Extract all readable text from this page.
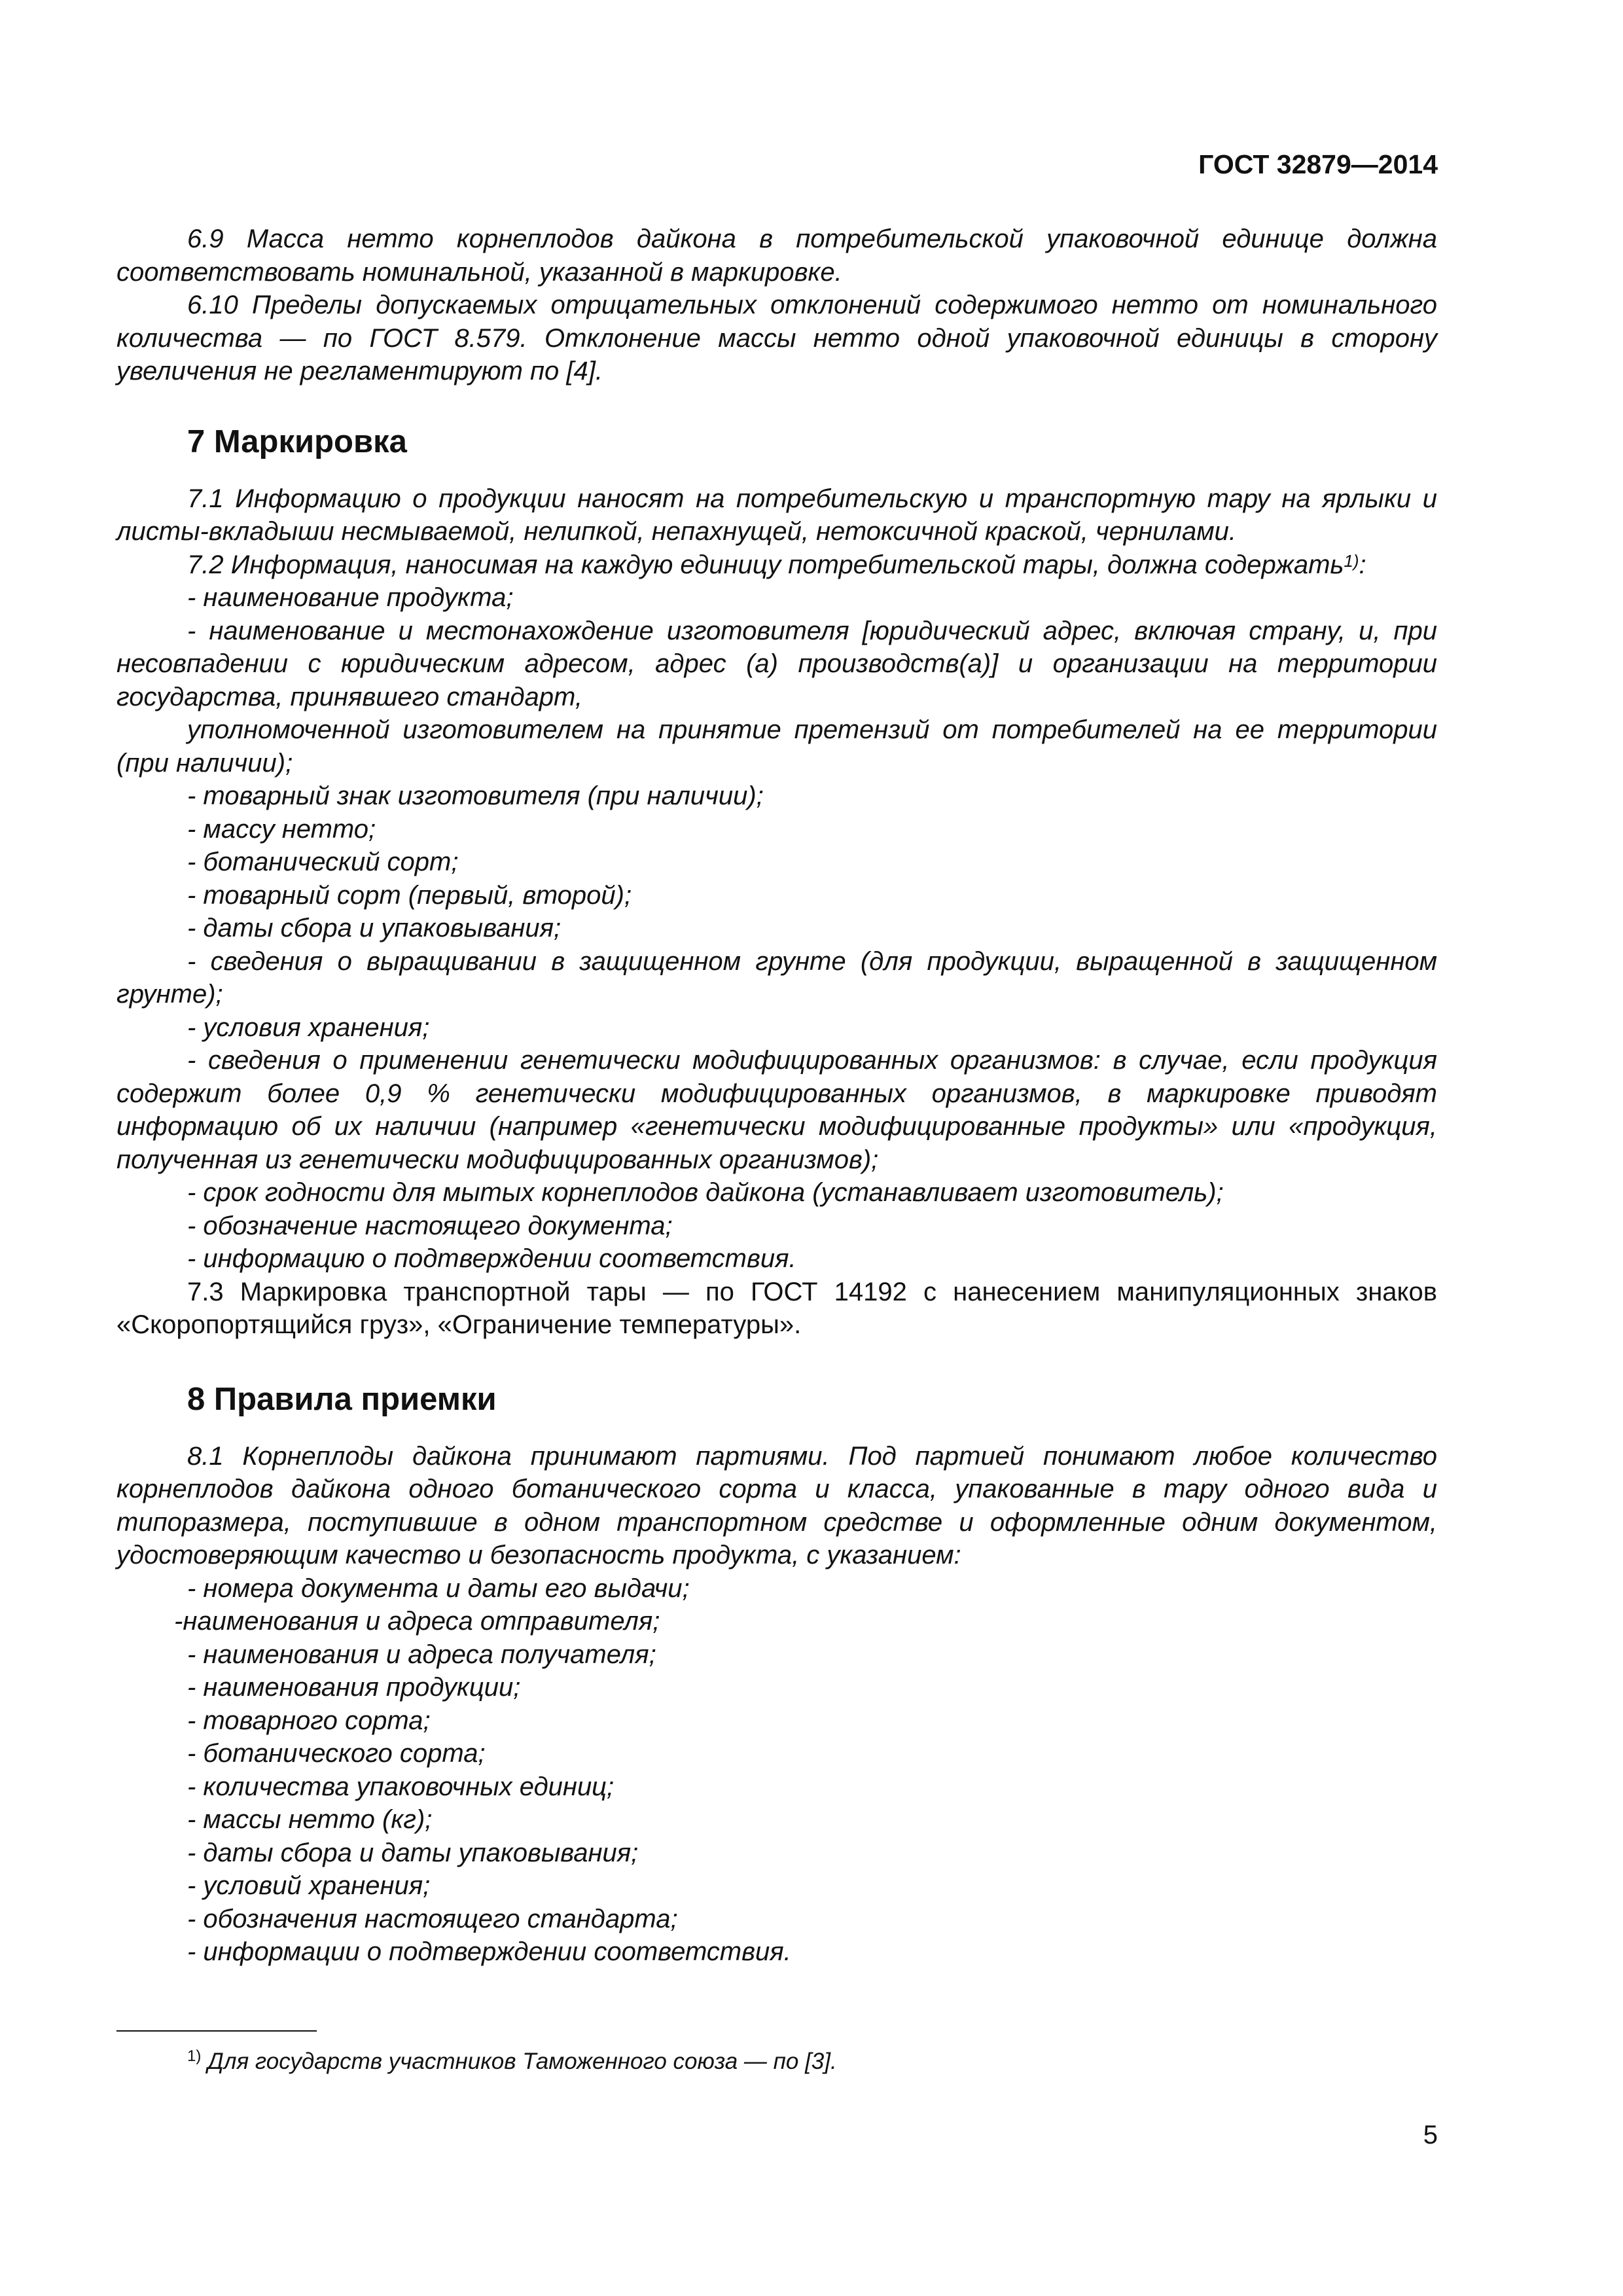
ГОСТ 32879—2014

6.9 Масса нетто корнеплодов дайкона в потребительской упаковочной единице должна соответствовать номинальной, указанной в маркировке.

6.10 Пределы допускаемых отрицательных отклонений содержимого нетто от номинального количества — по ГОСТ 8.579. Отклонение массы нетто одной упаковочной единицы в сторону увеличения не регламентируют по [4].

7 Маркировка

7.1 Информацию о продукции наносят на потребительскую и транспортную тару на ярлыки и листы-вкладыши несмываемой, нелипкой, непахнущей, нетоксичной краской, чернилами.

7.2 Информация, наносимая на каждую единицу потребительской тары, должна содержать$^{1)}$:

- наименование продукта;

- наименование и местонахождение изготовителя [юридический адрес, включая страну, и, при несовпадении с юридическим адресом, адрес (а) производств(а)] и организации на территории государства, принявшего стандарт,

уполномоченной изготовителем на принятие претензий от потребителей на ее территории (при наличии);

- товарный знак изготовителя (при наличии);

- массу нетто;

- ботанический сорт;

- товарный сорт (первый, второй);

- даты сбора и упаковывания;

- сведения о выращивании в защищенном грунте (для продукции, выращенной в защищенном грунте);

- условия хранения;

- сведения о применении генетически модифицированных организмов: в случае, если продукция содержит более 0,9 % генетически модифицированных организмов, в маркировке приводят информацию об их наличии (например «генетически модифицированные продукты» или «продукция, полученная из генетически модифицированных организмов);

- срок годности для мытых корнеплодов дайкона (устанавливает изготовитель);

- обозначение настоящего документа;

- информацию о подтверждении соответствия.

7.3 Маркировка транспортной тары — по ГОСТ 14192 с нанесением манипуляционных знаков «Скоропортящийся груз», «Ограничение температуры».

8 Правила приемки

8.1 Корнеплоды дайкона принимают партиями. Под партией понимают любое количество корнеплодов дайкона одного ботанического сорта и класса, упакованные в тару одного вида и типоразмера, поступившие в одном транспортном средстве и оформленные одним документом, удостоверяющим качество и безопасность продукта, с указанием:

- номера документа и даты его выдачи;

-наименования и адреса отправителя;

- наименования и адреса получателя;

- наименования продукции;

- товарного сорта;

- ботанического сорта;

- количества упаковочных единиц;

- массы нетто (кг);

- даты сбора и даты упаковывания;

- условий хранения;

- обозначения настоящего стандарта;

- информации о подтверждении соответствия.

$^{1)}$ Для государств участников Таможенного союза — по [3].
5
